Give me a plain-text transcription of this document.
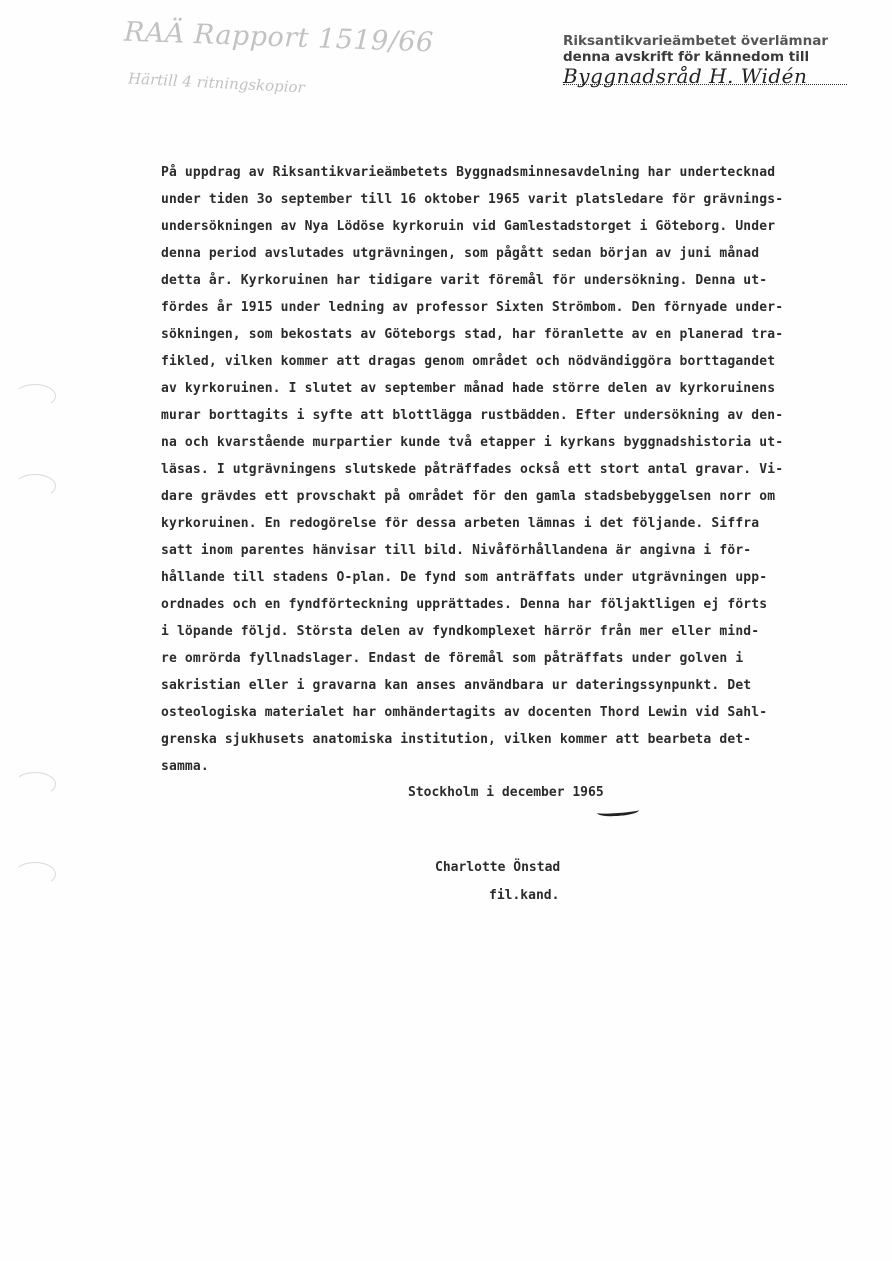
RAÄ Rapport 1519/66
Härtill 4 ritningskopior
Riksantikvarieämbetet överlämnar
denna avskrift för kännedom till
Byggnadsråd H. Widén
På uppdrag av Riksantikvarieämbetets Byggnadsminnesavdelning har undertecknad
under tiden 3o september till 16 oktober 1965 varit platsledare för grävnings-
undersökningen av Nya Lödöse kyrkoruin vid Gamlestadstorget i Göteborg. Under
denna period avslutades utgrävningen, som pågått sedan början av juni månad
detta år. Kyrkoruinen har tidigare varit föremål för undersökning. Denna ut-
fördes år 1915 under ledning av professor Sixten Strömbom. Den förnyade under-
sökningen, som bekostats av Göteborgs stad, har föranlette av en planerad tra-
fikled, vilken kommer att dragas genom området och nödvändiggöra borttagandet
av kyrkoruinen. I slutet av september månad hade större delen av kyrkoruinens
murar borttagits i syfte att blottlägga rustbädden. Efter undersökning av den-
na och kvarstående murpartier kunde två etapper i kyrkans byggnadshistoria ut-
läsas. I utgrävningens slutskede påträffades också ett stort antal gravar. Vi-
dare grävdes ett provschakt på området för den gamla stadsbebyggelsen norr om
kyrkoruinen. En redogörelse för dessa arbeten lämnas i det följande. Siffra
satt inom parentes hänvisar till bild. Nivåförhållandena är angivna i för-
hållande till stadens O-plan. De fynd som anträffats under utgrävningen upp-
ordnades och en fyndförteckning upprättades. Denna har följaktligen ej förts
i löpande följd. Största delen av fyndkomplexet härrör från mer eller mind-
re omrörda fyllnadslager. Endast de föremål som påträffats under golven i
sakristian eller i gravarna kan anses användbara ur dateringssynpunkt. Det
osteologiska materialet har omhändertagits av docenten Thord Lewin vid Sahl-
grenska sjukhusets anatomiska institution, vilken kommer att bearbeta det-
samma.
Stockholm i december 1965
Charlotte Önstad
fil.kand.
